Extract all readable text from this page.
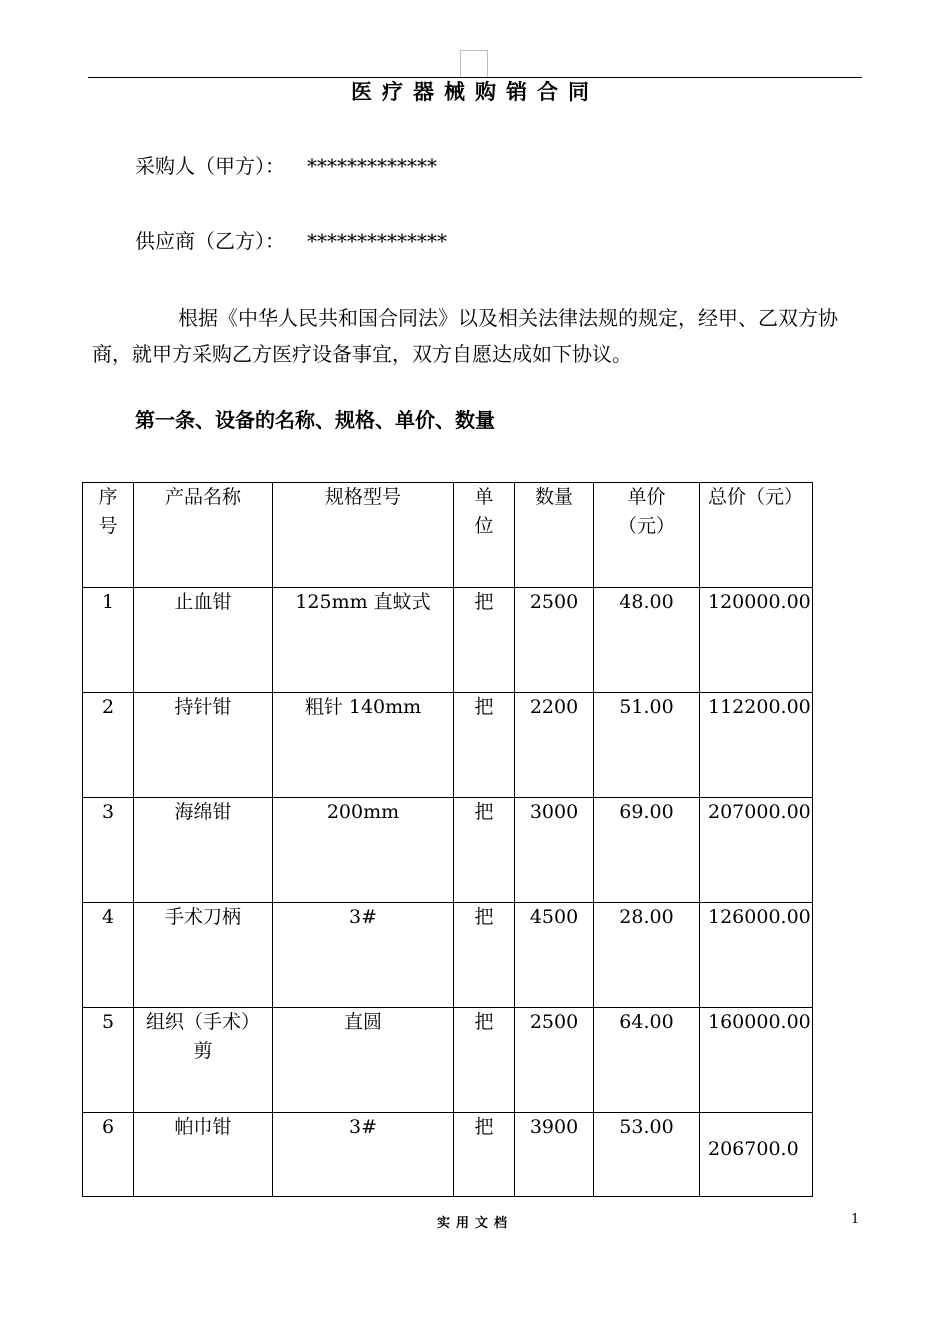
医疗器械购销合同
采购人（甲方）： *************
供应商（乙方）： **************
根据《中华人民共和国合同法》以及相关法律法规的规定，经甲、乙双方协商，就甲方采购乙方医疗设备事宜，双方自愿达成如下协议。
第一条、设备的名称、规格、单价、数量
序号	产品名称	规格型号	单位	数量	单价（元）	总价（元）
1	止血钳	125mm 直蚊式	把	2500	48.00	120000.00
2	持针钳	粗针 140mm	把	2200	51.00	112200.00
3	海绵钳	200mm	把	3000	69.00	207000.00
4	手术刀柄	3#	把	4500	28.00	126000.00
5	组织（手术）剪	直圆	把	2500	64.00	160000.00
6	帕巾钳	3#	把	3900	53.00	206700.0
实用文档	1
